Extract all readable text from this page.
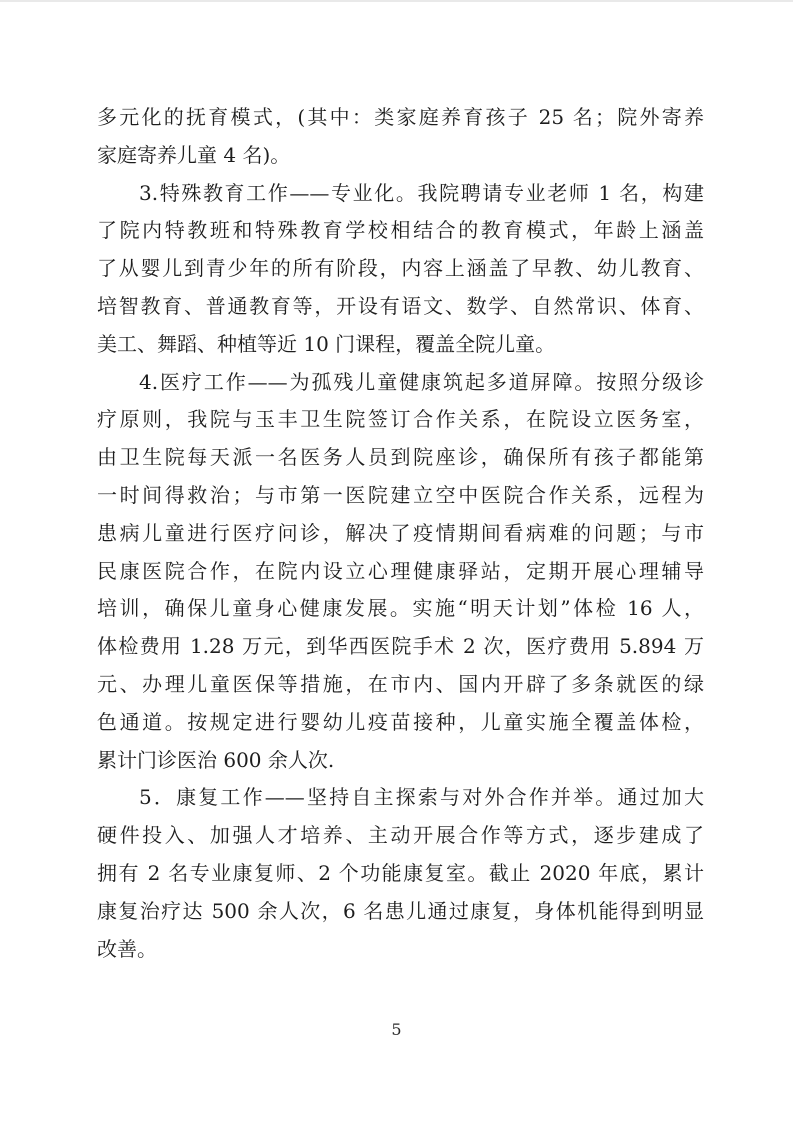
多元化的抚育模式，(其中：类家庭养育孩子 25 名；院外寄养
家庭寄养儿童 4 名)。
3.特殊教育工作——专业化。我院聘请专业老师 1 名，构建
了院内特教班和特殊教育学校相结合的教育模式，年龄上涵盖
了从婴儿到青少年的所有阶段，内容上涵盖了早教、幼儿教育、
培智教育、普通教育等，开设有语文、数学、自然常识、体育、
美工、舞蹈、种植等近 10 门课程，覆盖全院儿童。
4.医疗工作——为孤残儿童健康筑起多道屏障。按照分级诊
疗原则，我院与玉丰卫生院签订合作关系，在院设立医务室，
由卫生院每天派一名医务人员到院座诊，确保所有孩子都能第
一时间得救治；与市第一医院建立空中医院合作关系，远程为
患病儿童进行医疗问诊，解决了疫情期间看病难的问题；与市
民康医院合作，在院内设立心理健康驿站，定期开展心理辅导
培训，确保儿童身心健康发展。实施“明天计划”体检 16 人，
体检费用 1.28 万元，到华西医院手术 2 次，医疗费用 5.894 万
元、办理儿童医保等措施，在市内、国内开辟了多条就医的绿
色通道。按规定进行婴幼儿疫苗接种，儿童实施全覆盖体检，
累计门诊医治 600 余人次.
5．康复工作——坚持自主探索与对外合作并举。通过加大
硬件投入、加强人才培养、主动开展合作等方式，逐步建成了
拥有 2 名专业康复师、2 个功能康复室。截止 2020 年底，累计
康复治疗达 500 余人次，6 名患儿通过康复，身体机能得到明显
改善。
5
